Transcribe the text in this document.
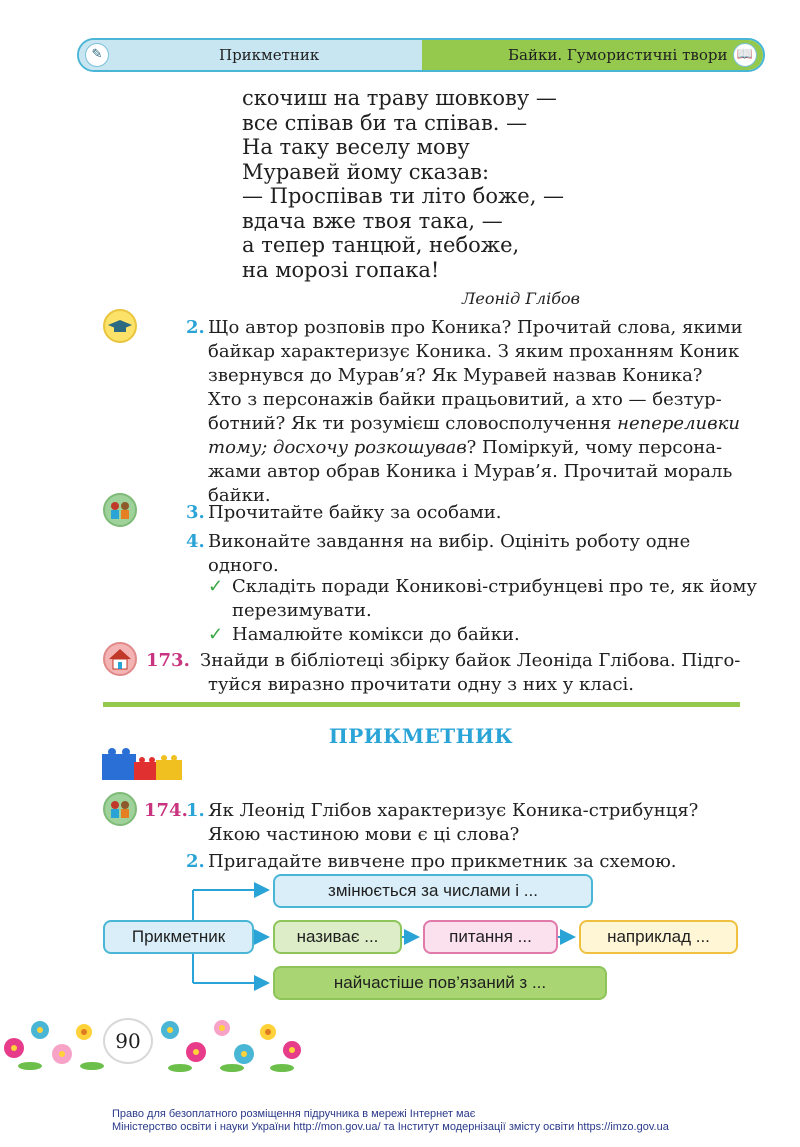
✎	Прикметник	Байки. Гумористичні твори 📖
скочиш на траву шовкову —
все співав би та співав. —
На таку веселу мову
Муравей йому сказав:
— Проспівав ти літо боже, —
вдача вже твоя така, —
а тепер танцюй, небоже,
на морозі гопака!
Леонід Глібов
2. Що автор розповів про Коника? Прочитай слова, якими
байкар характеризує Коника. З яким проханням Коник
звернувся до Мурав’я? Як Муравей назвав Коника?
Хто з персонажів байки працьовитий, а хто — безтур-
ботний? Як ти розумієш словосполучення непереливки
тому; досхочу розкошував? Поміркуй, чому персона-
жами автор обрав Коника і Мурав’я. Прочитай мораль
байки.
3. Прочитайте байку за особами.
4. Виконайте завдання на вибір. Оцініть роботу одне
одного.
✓ Складіть поради Коникові-стрибунцеві про те, як йому
перезимувати.
✓ Намалюйте комікси до байки.
173. Знайди в бібліотеці збірку байок Леоніда Глібова. Підго-
туйся виразно прочитати одну з них у класі.
ПРИКМЕТНИК
174.
1. Як Леонід Глібов характеризує Коника-стрибунця?
Якою частиною мови є ці слова?
2. Пригадайте вивчене про прикметник за схемою.
Прикметник
змінюється за числами і ...
називає ...	питання ...	наприклад ...
найчастіше пов’язаний з ...
90
Право для безоплатного розміщення підручника в мережі Інтернет має
Міністерство освіти і науки України http://mon.gov.ua/ та Інститут модернізації змісту освіти https://imzo.gov.ua
